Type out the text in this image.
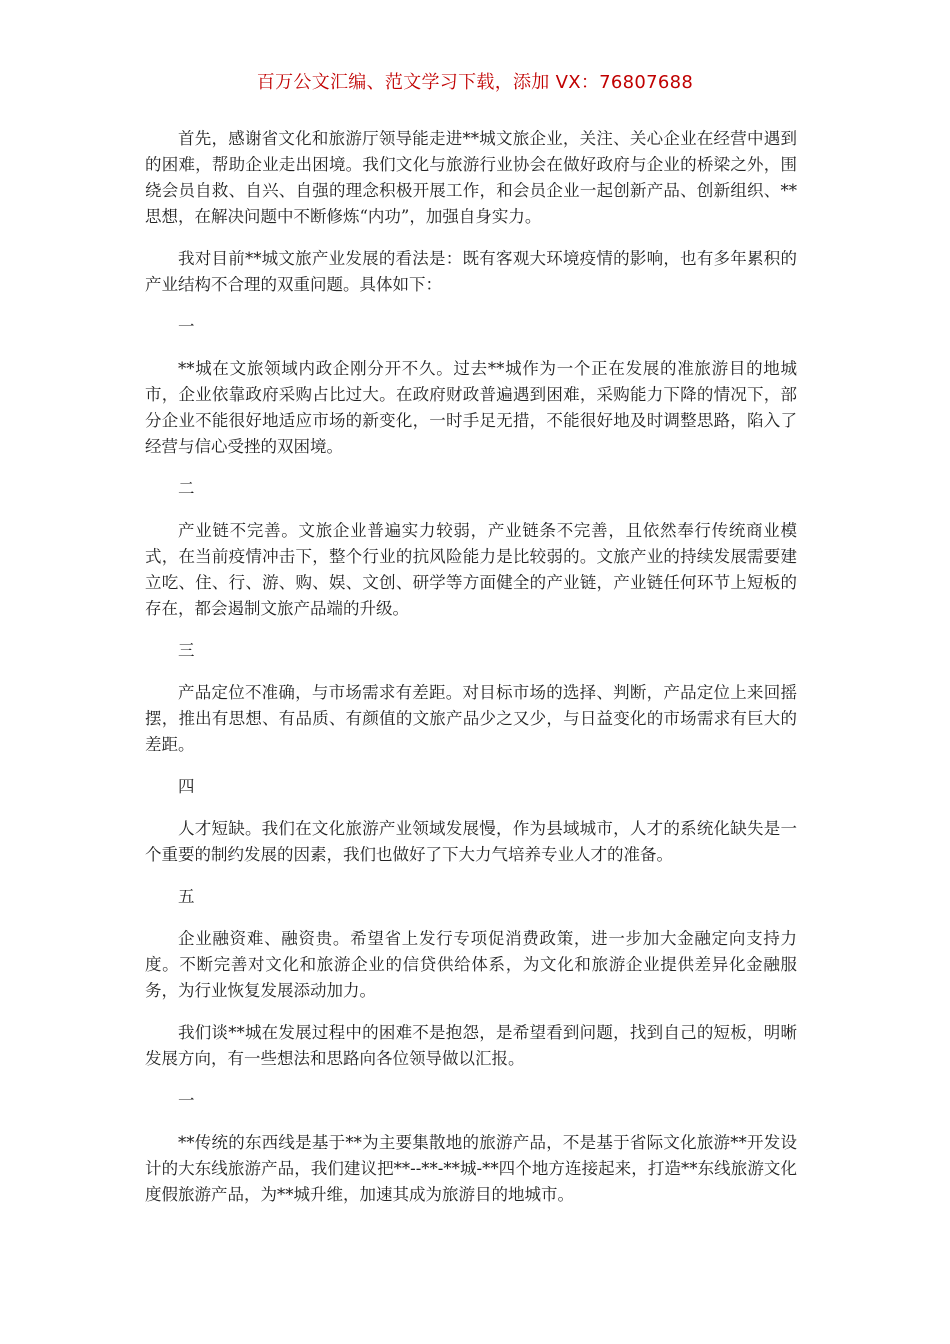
百万公文汇编、范文学习下载，添加 VX：76807688

首先，感谢省文化和旅游厅领导能走进**城文旅企业，关注、关心企业在经营中遇到的困难，帮助企业走出困境。我们文化与旅游行业协会在做好政府与企业的桥梁之外，围绕会员自救、自兴、自强的理念积极开展工作，和会员企业一起创新产品、创新组织、**思想，在解决问题中不断修炼“内功”，加强自身实力。

我对目前**城文旅产业发展的看法是：既有客观大环境疫情的影响，也有多年累积的产业结构不合理的双重问题。具体如下：

一

**城在文旅领域内政企刚分开不久。过去**城作为一个正在发展的准旅游目的地城市，企业依靠政府采购占比过大。在政府财政普遍遇到困难，采购能力下降的情况下，部分企业不能很好地适应市场的新变化，一时手足无措，不能很好地及时调整思路，陷入了经营与信心受挫的双困境。

二

产业链不完善。文旅企业普遍实力较弱，产业链条不完善，且依然奉行传统商业模式，在当前疫情冲击下，整个行业的抗风险能力是比较弱的。文旅产业的持续发展需要建立吃、住、行、游、购、娱、文创、研学等方面健全的产业链，产业链任何环节上短板的存在，都会遏制文旅产品端的升级。

三

产品定位不准确，与市场需求有差距。对目标市场的选择、判断，产品定位上来回摇摆，推出有思想、有品质、有颜值的文旅产品少之又少，与日益变化的市场需求有巨大的差距。

四

人才短缺。我们在文化旅游产业领域发展慢，作为县域城市，人才的系统化缺失是一个重要的制约发展的因素，我们也做好了下大力气培养专业人才的准备。

五

企业融资难、融资贵。希望省上发行专项促消费政策，进一步加大金融定向支持力度。不断完善对文化和旅游企业的信贷供给体系，为文化和旅游企业提供差异化金融服务，为行业恢复发展添动加力。

我们谈**城在发展过程中的困难不是抱怨，是希望看到问题，找到自己的短板，明晰发展方向，有一些想法和思路向各位领导做以汇报。

一

**传统的东西线是基于**为主要集散地的旅游产品，不是基于省际文化旅游**开发设计的大东线旅游产品，我们建议把**--**-**城-**四个地方连接起来，打造**东线旅游文化度假旅游产品，为**城升维，加速其成为旅游目的地城市。
